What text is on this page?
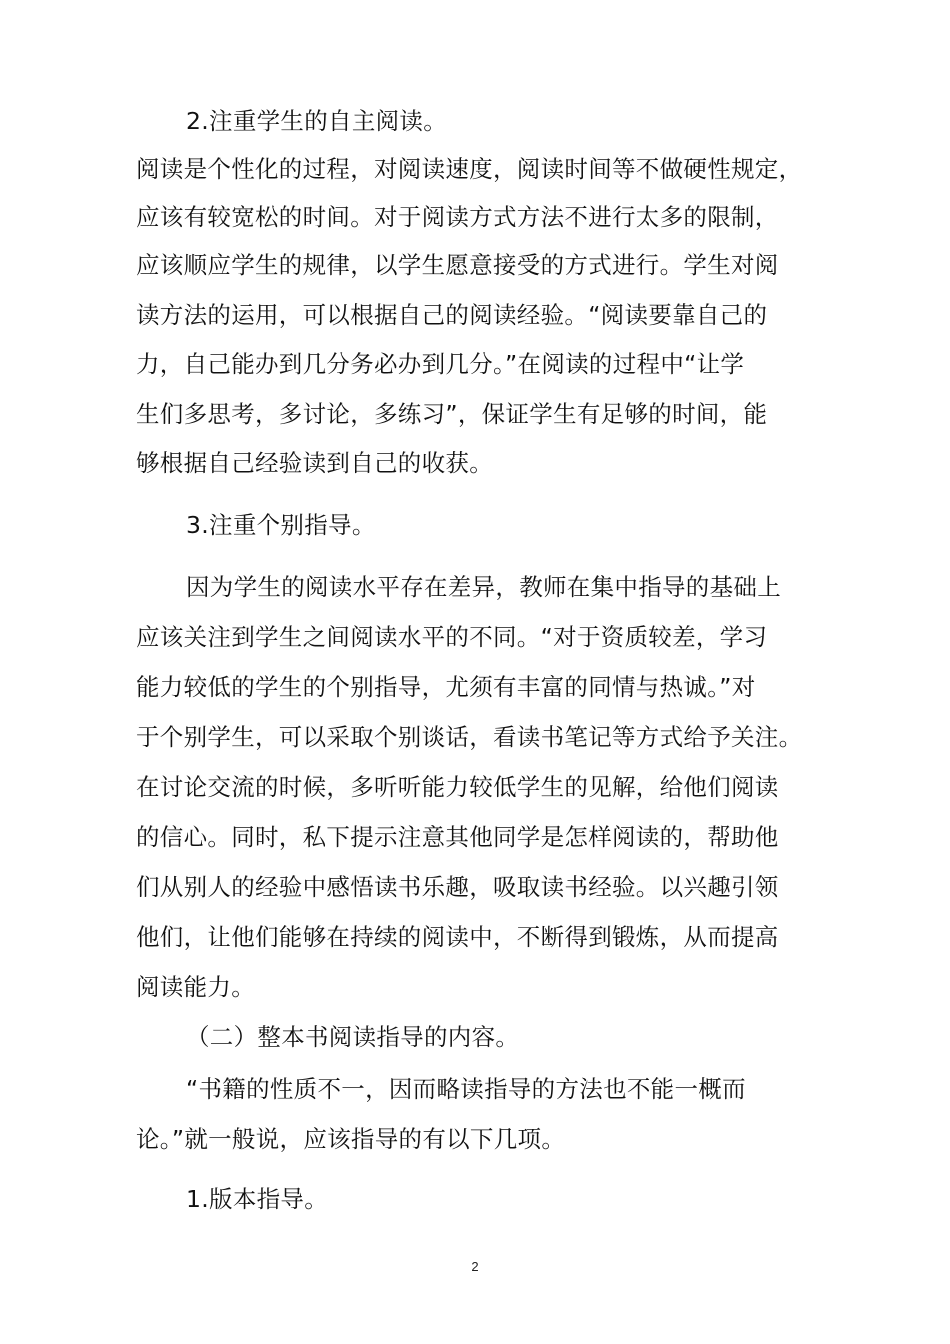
2.注重学生的自主阅读。
阅读是个性化的过程，对阅读速度，阅读时间等不做硬性规定，
应该有较宽松的时间。对于阅读方式方法不进行太多的限制，
应该顺应学生的规律，以学生愿意接受的方式进行。学生对阅
读方法的运用，可以根据自己的阅读经验。“阅读要靠自己的
力，自己能办到几分务必办到几分。”在阅读的过程中“让学
生们多思考，多讨论，多练习”，保证学生有足够的时间，能
够根据自己经验读到自己的收获。
3.注重个别指导。
因为学生的阅读水平存在差异，教师在集中指导的基础上
应该关注到学生之间阅读水平的不同。“对于资质较差，学习
能力较低的学生的个别指导，尤须有丰富的同情与热诚。”对
于个别学生，可以采取个别谈话，看读书笔记等方式给予关注。
在讨论交流的时候，多听听能力较低学生的见解，给他们阅读
的信心。同时，私下提示注意其他同学是怎样阅读的，帮助他
们从别人的经验中感悟读书乐趣，吸取读书经验。以兴趣引领
他们，让他们能够在持续的阅读中，不断得到锻炼，从而提高
阅读能力。
（二）整本书阅读指导的内容。
“书籍的性质不一，因而略读指导的方法也不能一概而
论。”就一般说，应该指导的有以下几项。
1.版本指导。
2
